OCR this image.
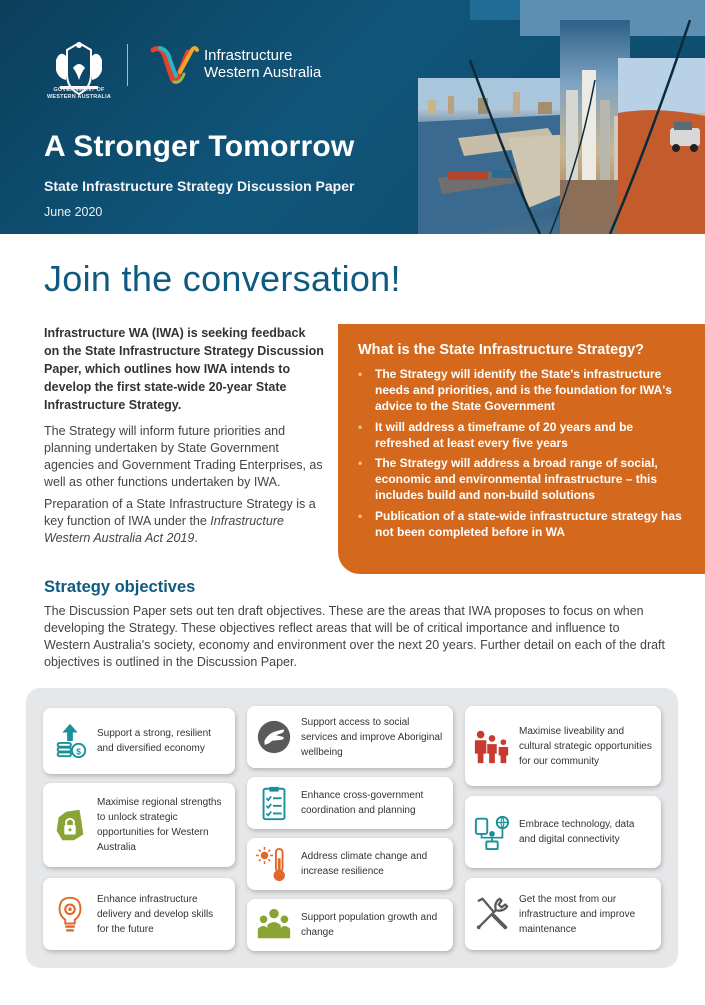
GOVERNMENT OF WESTERN AUSTRALIA
Infrastructure
Western Australia
A Stronger Tomorrow
State Infrastructure Strategy Discussion Paper
June 2020
Join the conversation!
Infrastructure WA (IWA) is seeking feedback on the State Infrastructure Strategy Discussion Paper, which outlines how IWA intends to develop the first state-wide 20-year State Infrastructure Strategy.
The Strategy will inform future priorities and planning undertaken by State Government agencies and Government Trading Enterprises, as well as other functions undertaken by IWA.
Preparation of a State Infrastructure Strategy is a key function of IWA under the Infrastructure Western Australia Act 2019.
What is the State Infrastructure Strategy?
• The Strategy will identify the State's infrastructure needs and priorities, and is the foundation for IWA's advice to the State Government
• It will address a timeframe of 20 years and be refreshed at least every five years
• The Strategy will address a broad range of social, economic and environmental infrastructure – this includes build and non-build solutions
• Publication of a state-wide infrastructure strategy has not been completed before in WA
Strategy objectives
The Discussion Paper sets out ten draft objectives. These are the areas that IWA proposes to focus on when developing the Strategy. These objectives reflect areas that will be of critical importance and influence to Western Australia's society, economy and environment over the next 20 years. Further detail on each of the draft objectives is outlined in the Discussion Paper.
$
Support a strong, resilient and diversified economy
Maximise regional strengths to unlock strategic opportunities for Western Australia
Enhance infrastructure delivery and develop skills for the future
Support access to social services and improve Aboriginal wellbeing
Enhance cross-government coordination and planning
Address climate change and increase resilience
Support population growth and change
Maximise liveability and cultural strategic opportunities for our community
Embrace technology, data and digital connectivity
Get the most from our infrastructure and improve maintenance
